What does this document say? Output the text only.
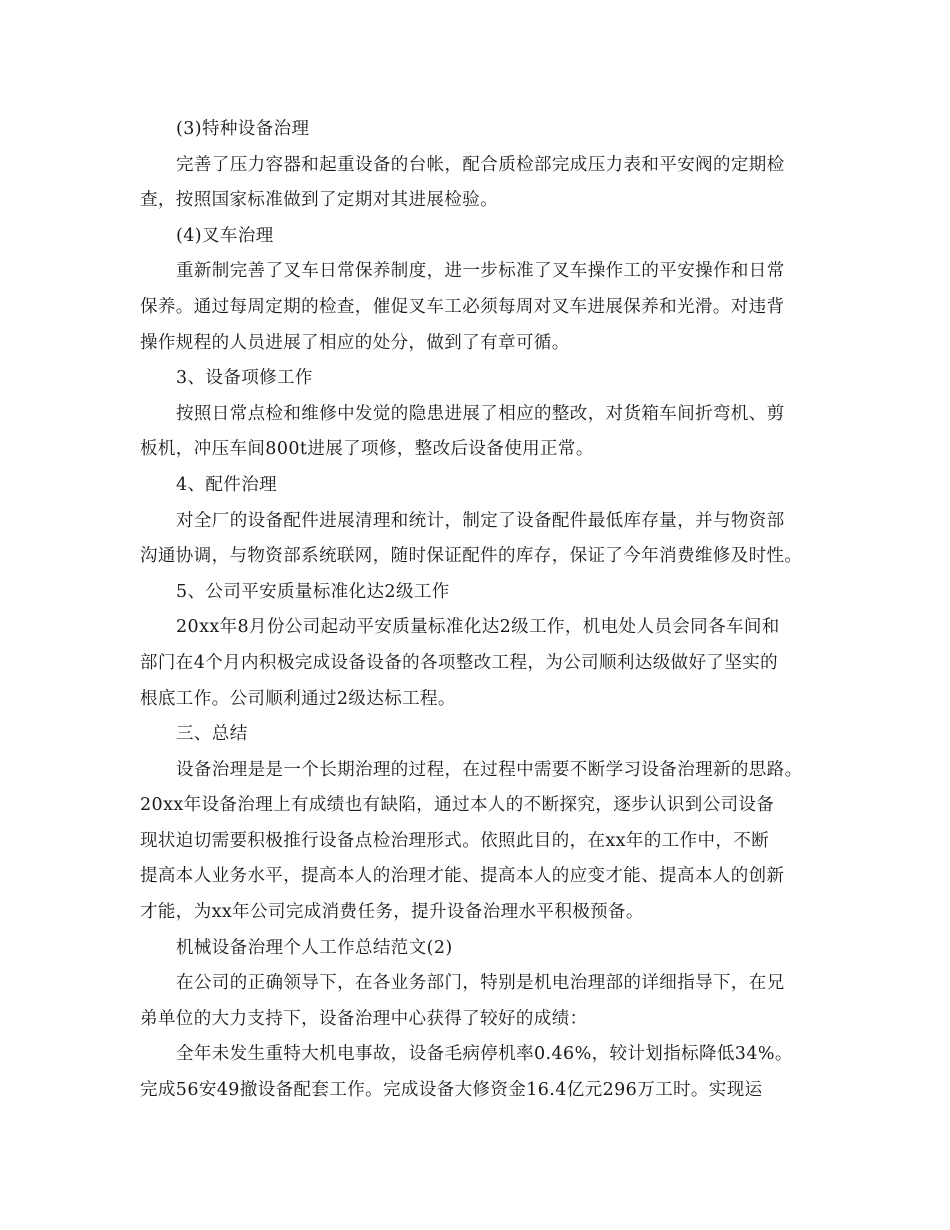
(3)特种设备治理
完善了压力容器和起重设备的台帐，配合质检部完成压力表和平安阀的定期检
查，按照国家标准做到了定期对其进展检验。
(4)叉车治理
重新制完善了叉车日常保养制度，进一步标准了叉车操作工的平安操作和日常
保养。通过每周定期的检查，催促叉车工必须每周对叉车进展保养和光滑。对违背
操作规程的人员进展了相应的处分，做到了有章可循。
3、设备项修工作
按照日常点检和维修中发觉的隐患进展了相应的整改，对货箱车间折弯机、剪
板机，冲压车间800t进展了项修，整改后设备使用正常。
4、配件治理
对全厂的设备配件进展清理和统计，制定了设备配件最低库存量，并与物资部
沟通协调，与物资部系统联网，随时保证配件的库存，保证了今年消费维修及时性。
5、公司平安质量标准化达2级工作
20xx年8月份公司起动平安质量标准化达2级工作，机电处人员会同各车间和
部门在4个月内积极完成设备设备的各项整改工程，为公司顺利达级做好了坚实的
根底工作。公司顺利通过2级达标工程。
三、总结
设备治理是是一个长期治理的过程，在过程中需要不断学习设备治理新的思路。
20xx年设备治理上有成绩也有缺陷，通过本人的不断探究，逐步认识到公司设备
现状迫切需要积极推行设备点检治理形式。依照此目的，在xx年的工作中，不断
提高本人业务水平，提高本人的治理才能、提高本人的应变才能、提高本人的创新
才能，为xx年公司完成消费任务，提升设备治理水平积极预备。
机械设备治理个人工作总结范文(2)
在公司的正确领导下，在各业务部门，特别是机电治理部的详细指导下，在兄
弟单位的大力支持下，设备治理中心获得了较好的成绩：
全年未发生重特大机电事故，设备毛病停机率0.46%，较计划指标降低34%。
完成56安49撤设备配套工作。完成设备大修资金16.4亿元296万工时。实现运
